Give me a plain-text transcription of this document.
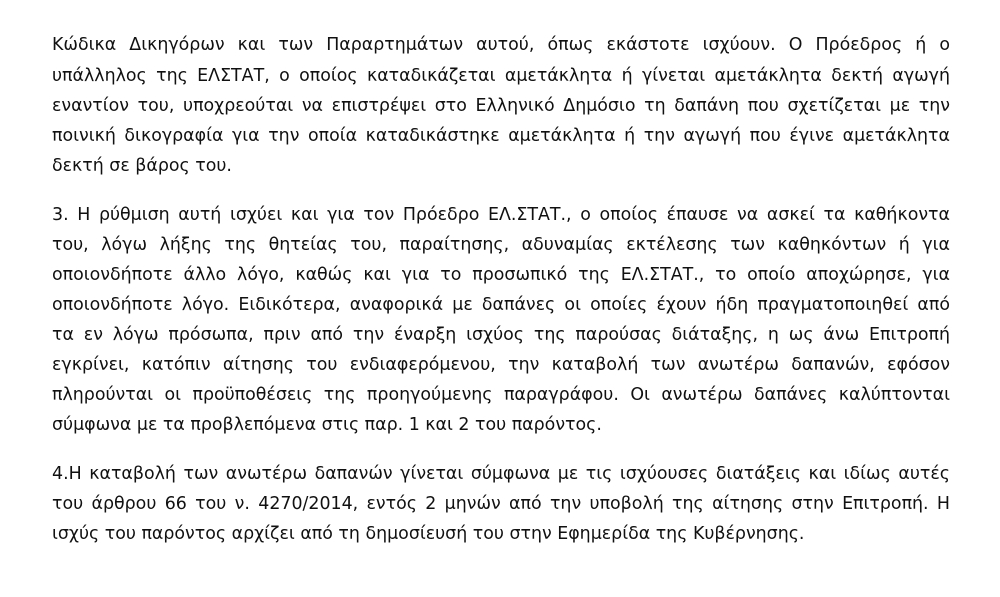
Κώδικα Δικηγόρων και των Παραρτημάτων αυτού, όπως εκάστοτε ισχύουν. Ο Πρόεδρος ή ο

υπάλληλος της ΕΛΣΤΑΤ, ο οποίος καταδικάζεται αμετάκλητα ή γίνεται αμετάκλητα δεκτή αγωγή

εναντίον του, υποχρεούται να επιστρέψει στο Ελληνικό Δημόσιο τη δαπάνη που σχετίζεται με την

ποινική δικογραφία για την οποία καταδικάστηκε αμετάκλητα ή την αγωγή που έγινε αμετάκλητα

δεκτή σε βάρος του.

3. Η ρύθμιση αυτή ισχύει και για τον Πρόεδρο ΕΛ.ΣΤΑΤ., ο οποίος έπαυσε να ασκεί τα καθήκοντα

του, λόγω λήξης της θητείας του, παραίτησης, αδυναμίας εκτέλεσης των καθηκόντων ή για

οποιονδήποτε άλλο λόγο, καθώς και για το προσωπικό της ΕΛ.ΣΤΑΤ., το οποίο αποχώρησε, για

οποιονδήποτε λόγο. Ειδικότερα, αναφορικά με δαπάνες οι οποίες έχουν ήδη πραγματοποιηθεί από

τα εν λόγω πρόσωπα, πριν από την έναρξη ισχύος της παρούσας διάταξης, η ως άνω Επιτροπή

εγκρίνει, κατόπιν αίτησης του ενδιαφερόμενου, την καταβολή των ανωτέρω δαπανών, εφόσον

πληρούνται οι προϋποθέσεις της προηγούμενης παραγράφου. Οι ανωτέρω δαπάνες καλύπτονται

σύμφωνα με τα προβλεπόμενα στις παρ. 1 και 2 του παρόντος.

4.Η καταβολή των ανωτέρω δαπανών γίνεται σύμφωνα με τις ισχύουσες διατάξεις και ιδίως αυτές

του άρθρου 66 του ν. 4270/2014, εντός 2 μηνών από την υποβολή της αίτησης στην Επιτροπή. Η

ισχύς του παρόντος αρχίζει από τη δημοσίευσή του στην Εφημερίδα της Κυβέρνησης.
